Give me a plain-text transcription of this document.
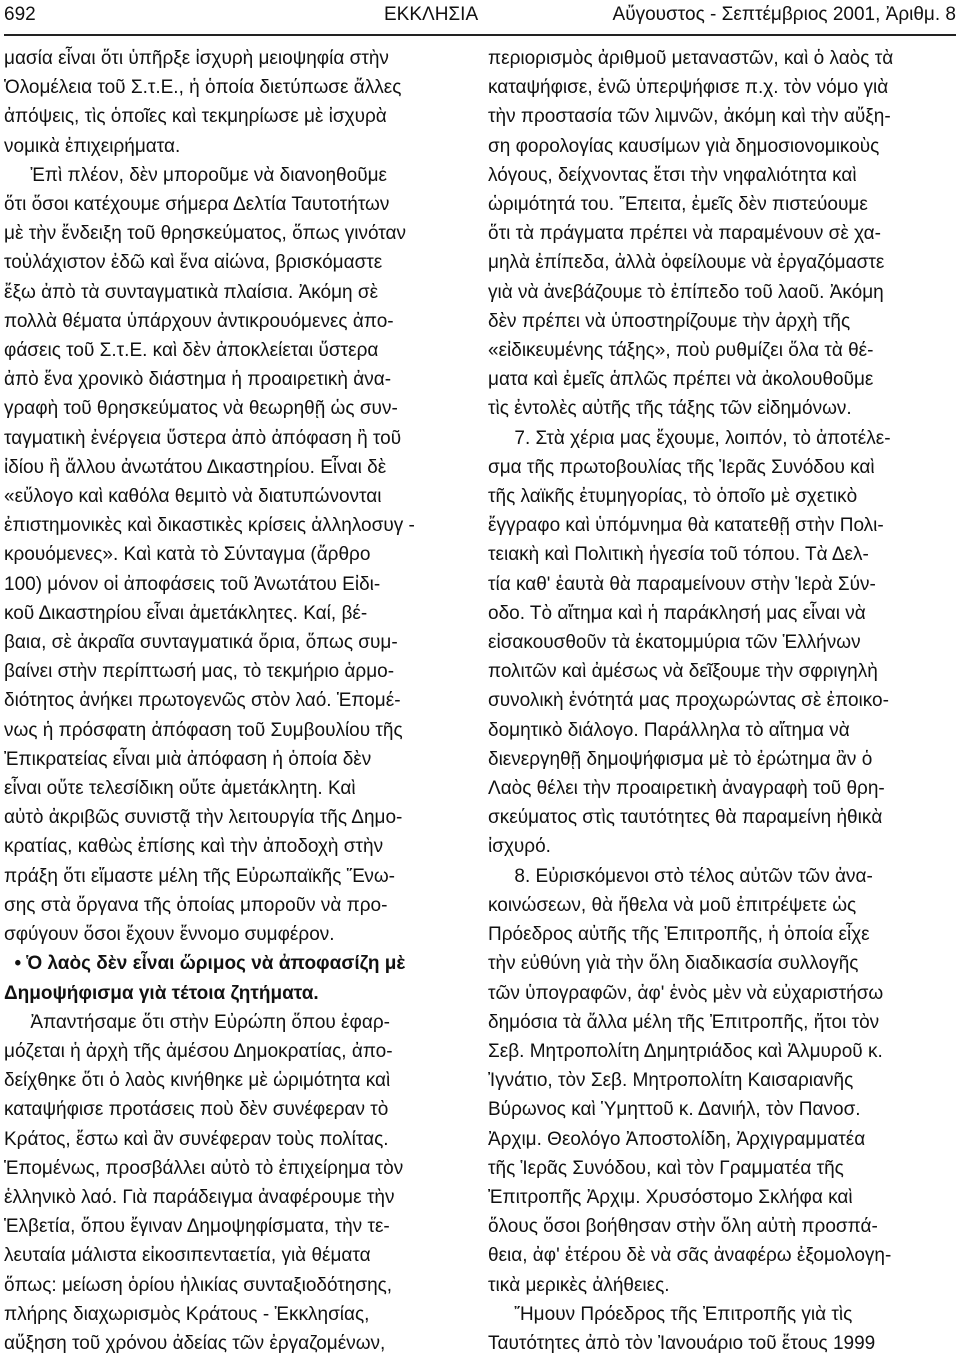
692	ΕΚΚΛΗΣΙΑ	Αὔγουστος - Σεπτέμβριος 2001, Ἀριθμ. 8
μασία εἶναι ὅτι ὑπῆρξε ἰσχυρὴ μειοψηφία στὴν
Ὁλομέλεια τοῦ Σ.τ.Ε., ἡ ὁποία διετύπωσε ἄλλες
ἀπόψεις, τὶς ὁποῖες καὶ τεκμηρίωσε μὲ ἰσχυρὰ
νομικὰ ἐπιχειρήματα.
Ἐπὶ πλέον, δὲν μποροῦμε νὰ διανοηθοῦμε
ὅτι ὅσοι κατέχουμε σήμερα Δελτία Ταυτοτήτων
μὲ τὴν ἔνδειξη τοῦ θρησκεύματος, ὅπως γινόταν
τοὐλάχιστον ἐδῶ καὶ ἕνα αἰώνα, βρισκόμαστε
ἔξω ἀπὸ τὰ συνταγματικὰ πλαίσια. Ἀκόμη σὲ
πολλὰ θέματα ὑπάρχουν ἀντικρουόμενες ἀπο-
φάσεις τοῦ Σ.τ.Ε. καὶ δὲν ἀποκλείεται ὕστερα
ἀπὸ ἕνα χρονικὸ διάστημα ἡ προαιρετικὴ ἀνα-
γραφὴ τοῦ θρησκεύματος νὰ θεωρηθῇ ὡς συν-
ταγματικὴ ἐνέργεια ὕστερα ἀπὸ ἀπόφαση ἢ τοῦ
ἰδίου ἢ ἄλλου ἀνωτάτου Δικαστηρίου. Εἶναι δὲ
«εὔλογο καὶ καθόλα θεμιτὸ νὰ διατυπώνονται
ἐπιστημονικὲς καὶ δικαστικὲς κρίσεις ἀλληλοσυγ -
κρουόμενες». Καὶ κατὰ τὸ Σύνταγμα (ἄρθρο
100) μόνον οἱ ἀποφάσεις τοῦ Ἀνωτάτου Εἰδι-
κοῦ Δικαστηρίου εἶναι ἀμετάκλητες. Καί, βέ-
βαια, σὲ ἀκραῖα συνταγματικά ὅρια, ὅπως συμ-
βαίνει στὴν περίπτωσή μας, τὸ τεκμήριο ἁρμο-
διότητος ἀνήκει πρωτογενῶς στὸν λαό. Ἑπομέ-
νως ἡ πρόσφατη ἀπόφαση τοῦ Συμβουλίου τῆς
Ἐπικρατείας εἶναι μιὰ ἀπόφαση ἡ ὁποία δὲν
εἶναι οὔτε τελεσίδικη οὔτε ἀμετάκλητη. Καὶ
αὐτὸ ἀκριβῶς συνιστᾷ τὴν λειτουργία τῆς Δημο-
κρατίας, καθὼς ἐπίσης καὶ τὴν ἀποδοχὴ στὴν
πράξη ὅτι εἴμαστε μέλη τῆς Εὐρωπαϊκῆς Ἕνω-
σης στὰ ὄργανα τῆς ὁποίας μποροῦν νὰ προ-
σφύγουν ὅσοι ἔχουν ἔννομο συμφέρον.
• Ὁ λαὸς δὲν εἶναι ὥριμος νὰ ἀποφασίζη μὲ
Δημοψήφισμα γιὰ τέτοια ζητήματα.
Ἀπαντήσαμε ὅτι στὴν Εὐρώπη ὅπου ἐφαρ-
μόζεται ἡ ἀρχὴ τῆς ἀμέσου Δημοκρατίας, ἀπο-
δείχθηκε ὅτι ὁ λαὸς κινήθηκε μὲ ὡριμότητα καὶ
καταψήφισε προτάσεις ποὺ δὲν συνέφεραν τὸ
Κράτος, ἔστω καὶ ἂν συνέφεραν τοὺς πολίτας.
Ἑπομένως, προσβάλλει αὐτὸ τὸ ἐπιχείρημα τὸν
ἑλληνικὸ λαό. Γιὰ παράδειγμα ἀναφέρουμε τὴν
Ἑλβετία, ὅπου ἔγιναν Δημοψηφίσματα, τὴν τε-
λευταία μάλιστα εἰκοσιπενταετία, γιὰ θέματα
ὅπως: μείωση ὁρίου ἡλικίας συνταξιοδότησης,
πλήρης διαχωρισμὸς Κράτους - Ἐκκλησίας,
αὔξηση τοῦ χρόνου ἀδείας τῶν ἐργαζομένων,
περιορισμὸς ἀριθμοῦ μεταναστῶν, καὶ ὁ λαὸς τὰ
καταψήφισε, ἐνῶ ὑπερψήφισε π.χ. τὸν νόμο γιὰ
τὴν προστασία τῶν λιμνῶν, ἀκόμη καὶ τὴν αὔξη-
ση φορολογίας καυσίμων γιὰ δημοσιονομικοὺς
λόγους, δείχνοντας ἔτσι τὴν νηφαλιότητα καὶ
ὡριμότητά του. Ἔπειτα, ἐμεῖς δὲν πιστεύουμε
ὅτι τὰ πράγματα πρέπει νὰ παραμένουν σὲ χα-
μηλὰ ἐπίπεδα, ἀλλὰ ὀφείλουμε νὰ ἐργαζόμαστε
γιὰ νὰ ἀνεβάζουμε τὸ ἐπίπεδο τοῦ λαοῦ. Ἀκόμη
δὲν πρέπει νὰ ὑποστηρίζουμε τὴν ἀρχὴ τῆς
«εἰδικευμένης τάξης», ποὺ ρυθμίζει ὅλα τὰ θέ-
ματα καὶ ἐμεῖς ἁπλῶς πρέπει νὰ ἀκολουθοῦμε
τὶς ἐντολὲς αὐτῆς τῆς τάξης τῶν εἰδημόνων.
7. Στὰ χέρια μας ἔχουμε, λοιπόν, τὸ ἀποτέλε-
σμα τῆς πρωτοβουλίας τῆς Ἱερᾶς Συνόδου καὶ
τῆς λαϊκῆς ἐτυμηγορίας, τὸ ὁποῖο μὲ σχετικὸ
ἔγγραφο καὶ ὑπόμνημα θὰ κατατεθῇ στὴν Πολι-
τειακὴ καὶ Πολιτικὴ ἡγεσία τοῦ τόπου. Τὰ Δελ-
τία καθ' ἑαυτὰ θὰ παραμείνουν στὴν Ἱερὰ Σύν-
οδο. Τὸ αἴτημα καὶ ἡ παράκλησή μας εἶναι νὰ
εἰσακουσθοῦν τὰ ἑκατομμύρια τῶν Ἑλλήνων
πολιτῶν καὶ ἀμέσως νὰ δεῖξουμε τὴν σφριγηλὴ
συνολικὴ ἑνότητά μας προχωρώντας σὲ ἐποικο-
δομητικὸ διάλογο. Παράλληλα τὸ αἴτημα νὰ
διενεργηθῇ δημοψήφισμα μὲ τὸ ἐρώτημα ἂν ὁ
Λαὸς θέλει τὴν προαιρετικὴ ἀναγραφὴ τοῦ θρη-
σκεύματος στὶς ταυτότητες θὰ παραμείνη ἠθικὰ
ἰσχυρό.
8. Εὐρισκόμενοι στὸ τέλος αὐτῶν τῶν ἀνα-
κοινώσεων, θὰ ἤθελα νὰ μοῦ ἐπιτρέψετε ὡς
Πρόεδρος αὐτῆς τῆς Ἐπιτροπῆς, ἡ ὁποία εἶχε
τὴν εὐθύνη γιὰ τὴν ὅλη διαδικασία συλλογῆς
τῶν ὑπογραφῶν, ἀφ' ἑνὸς μὲν νὰ εὐχαριστήσω
δημόσια τὰ ἄλλα μέλη τῆς Ἐπιτροπῆς, ἤτοι τὸν
Σεβ. Μητροπολίτη Δημητριάδος καὶ Ἁλμυροῦ κ.
Ἰγνάτιο, τὸν Σεβ. Μητροπολίτη Καισαριανῆς
Βύρωνος καὶ Ὑμηττοῦ κ. Δανιήλ, τὸν Πανοσ.
Ἀρχιμ. Θεολόγο Ἀποστολίδη, Ἀρχιγραμματέα
τῆς Ἱερᾶς Συνόδου, καὶ τὸν Γραμματέα τῆς
Ἐπιτροπῆς Ἀρχιμ. Χρυσόστομο Σκλήφα καὶ
ὅλους ὅσοι βοήθησαν στὴν ὅλη αὐτὴ προσπά-
θεια, ἀφ' ἑτέρου δὲ νὰ σᾶς ἀναφέρω ἐξομολογη-
τικὰ μερικὲς ἀλήθειες.
Ἤμουν Πρόεδρος τῆς Ἐπιτροπῆς γιὰ τὶς
Ταυτότητες ἀπὸ τὸν Ἰανουάριο τοῦ ἔτους 1999
